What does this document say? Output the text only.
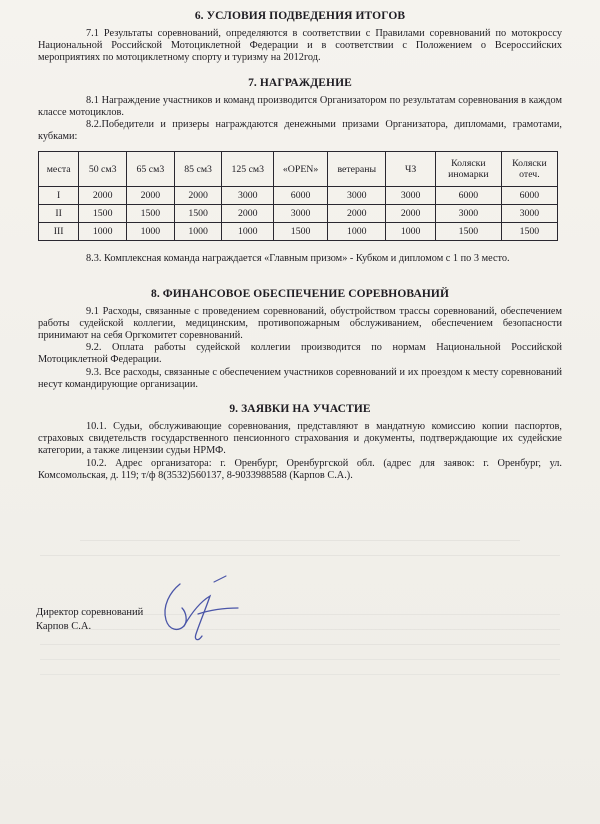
6. УСЛОВИЯ ПОДВЕДЕНИЯ ИТОГОВ

7.1 Результаты соревнований, определяются в соответствии с Правилами соревнований по мотокроссу Национальной Российской Мотоциклетной Федерации и в соответствии с Положением о Всероссийских мероприятиях по мотоциклетному спорту и туризму на 2012год.

7. НАГРАЖДЕНИЕ

8.1 Награждение участников и команд производится Организатором по результатам соревнования в каждом классе мотоциклов.

8.2.Победители и призеры награждаются денежными призами Организатора, дипломами, грамотами, кубками:

места	50 см3	65 см3	85 см3	125 см3	«OPEN»	ветераны	ЧЗ	Коляски иномарки	Коляски отеч.
I	2000	2000	2000	3000	6000	3000	3000	6000	6000
II	1500	1500	1500	2000	3000	2000	2000	3000	3000
III	1000	1000	1000	1000	1500	1000	1000	1500	1500

8.3. Комплексная команда награждается «Главным призом» - Кубком и дипломом с 1 по 3 место.

8. ФИНАНСОВОЕ ОБЕСПЕЧЕНИЕ СОРЕВНОВАНИЙ

9.1 Расходы, связанные с проведением соревнований, обустройством трассы соревнований, обеспечением работы судейской коллегии, медицинским, противопожарным обслуживанием, обеспечением безопасности принимают на себя Оргкомитет соревнований.

9.2. Оплата работы судейской коллегии производится по нормам Национальной Российской Мотоциклетной Федерации.

9.3. Все расходы, связанные с обеспечением участников соревнований и их проездом к месту соревнований несут командирующие организации.

9. ЗАЯВКИ НА УЧАСТИЕ

10.1. Судьи, обслуживающие соревнования, представляют в мандатную комиссию копии паспортов, страховых свидетельств государственного пенсионного страхования и документы, подтверждающие их судейские категории, а также лицензии судьи НРМФ.

10.2. Адрес организатора: г. Оренбург, Оренбургской обл. (адрес для заявок: г. Оренбург, ул. Комсомольская, д. 119; т/ф 8(3532)560137, 8-9033988588 (Карпов С.А.).

Директор соревнований
Карпов С.А.
